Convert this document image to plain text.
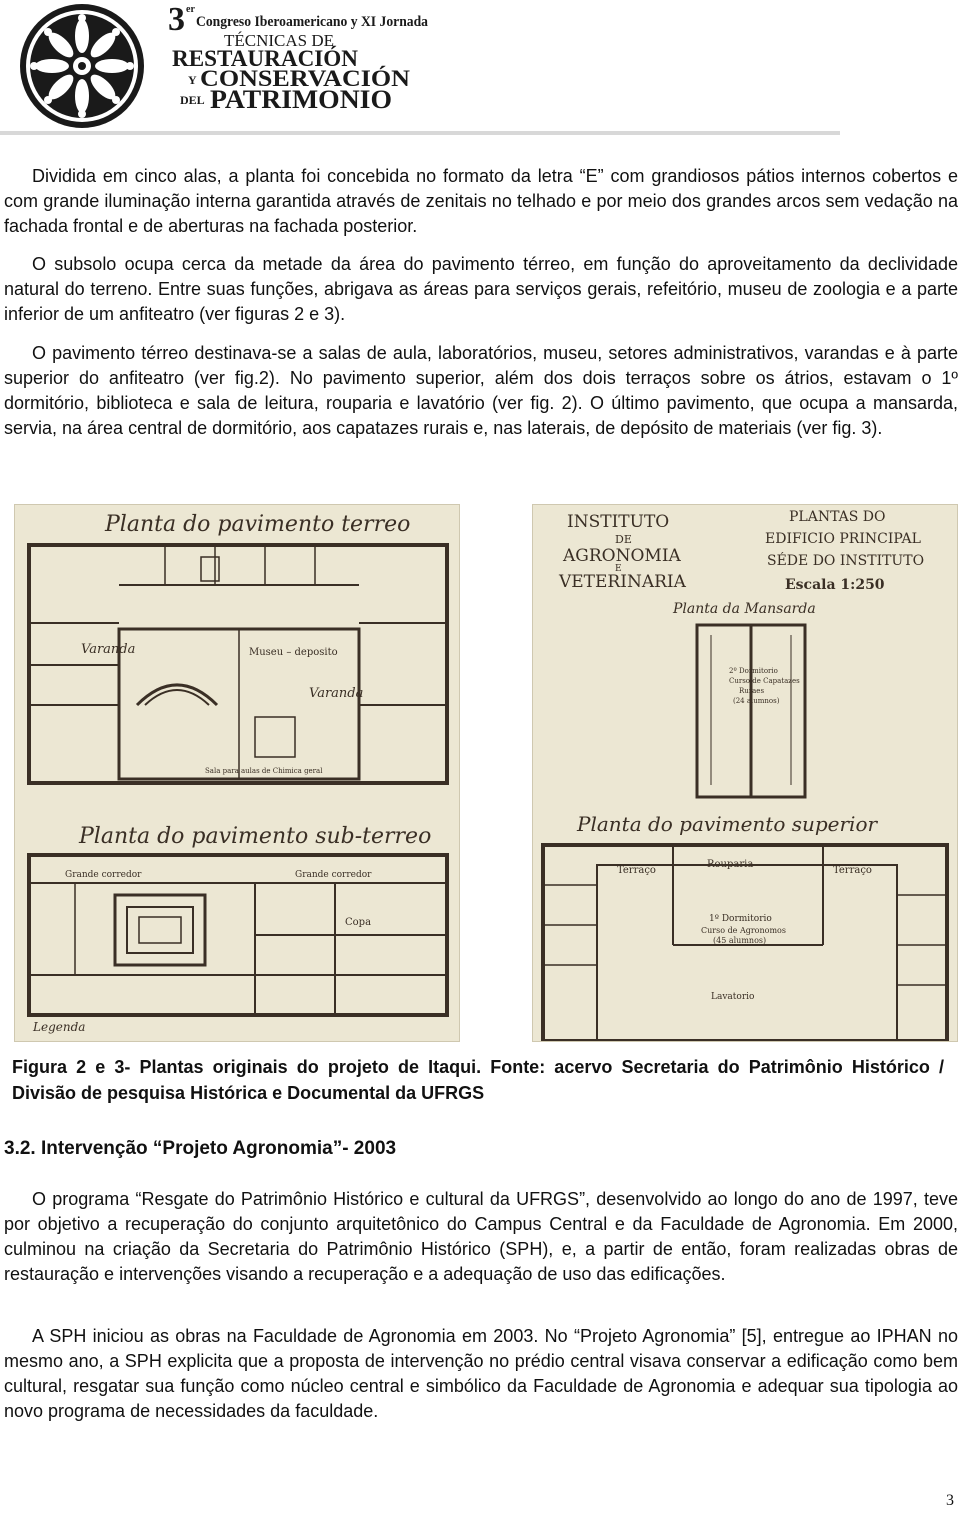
3 er
Congreso Iberoamericano y XI Jornada
TÉCNICAS DE
RESTAURACIÓN
Y CONSERVACIÓN
DEL PATRIMONIO

Dividida em cinco alas, a planta foi concebida no formato da letra “E” com grandiosos pátios internos cobertos e com grande iluminação interna garantida através de zenitais no telhado e por meio dos grandes arcos sem vedação na fachada frontal e de aberturas na fachada posterior.

O subsolo ocupa cerca da metade da área do pavimento térreo, em função do aproveitamento da declividade natural do terreno. Entre suas funções, abrigava as áreas para serviços gerais, refeitório, museu de zoologia e a parte inferior de um anfiteatro (ver figuras 2 e 3).

O pavimento térreo destinava-se a salas de aula, laboratórios, museu, setores administrativos, varandas e à parte superior do anfiteatro (ver fig.2). No pavimento superior, além dos dois terraços sobre os átrios, estavam o 1º dormitório, biblioteca e sala de leitura, rouparia e lavatório (ver fig. 2). O último pavimento, que ocupa a mansarda, servia, na área central de dormitório, aos capatazes rurais e, nas laterais, de depósito de materiais (ver fig. 3).

Planta do pavimento terreo
Varanda	Museu – deposito
Varanda
Sala para aulas de Chimica geral
Planta do pavimento sub-terreo
Grande corredor	Grande corredor
Copa
Legenda
INSTITUTO
DE
AGRONOMIA
E
VETERINARIA
PLANTAS DO
EDIFICIO PRINCIPAL
SÉDE DO INSTITUTO
Escala 1:250
Planta da Mansarda
2º Dormitorio
Curso de Capatazes
Ruraes
(24 alumnos)
Planta do pavimento superior
Terraço
Rouparia
Terraço
1º Dormitorio
Curso de Agronomos
(45 alumnos)
Lavatorio

Figura 2 e 3- Plantas originais do projeto de Itaqui. Fonte: acervo Secretaria do Patrimônio Histórico / Divisão de pesquisa Histórica e Documental da UFRGS

3.2. Intervenção “Projeto Agronomia”- 2003

O programa “Resgate do Patrimônio Histórico e cultural da UFRGS”, desenvolvido ao longo do ano de 1997, teve por objetivo a recuperação do conjunto arquitetônico do Campus Central e da Faculdade de Agronomia. Em 2000, culminou na criação da Secretaria do Patrimônio Histórico (SPH), e, a partir de então, foram realizadas obras de restauração e intervenções visando a recuperação e a adequação de uso das edificações.

A SPH iniciou as obras na Faculdade de Agronomia em 2003. No “Projeto Agronomia” [5], entregue ao IPHAN no mesmo ano, a SPH explicita que a proposta de intervenção no prédio central visava conservar a edificação como bem cultural, resgatar sua função como núcleo central e simbólico da Faculdade de Agronomia e adequar sua tipologia ao novo programa de necessidades da faculdade.

3
